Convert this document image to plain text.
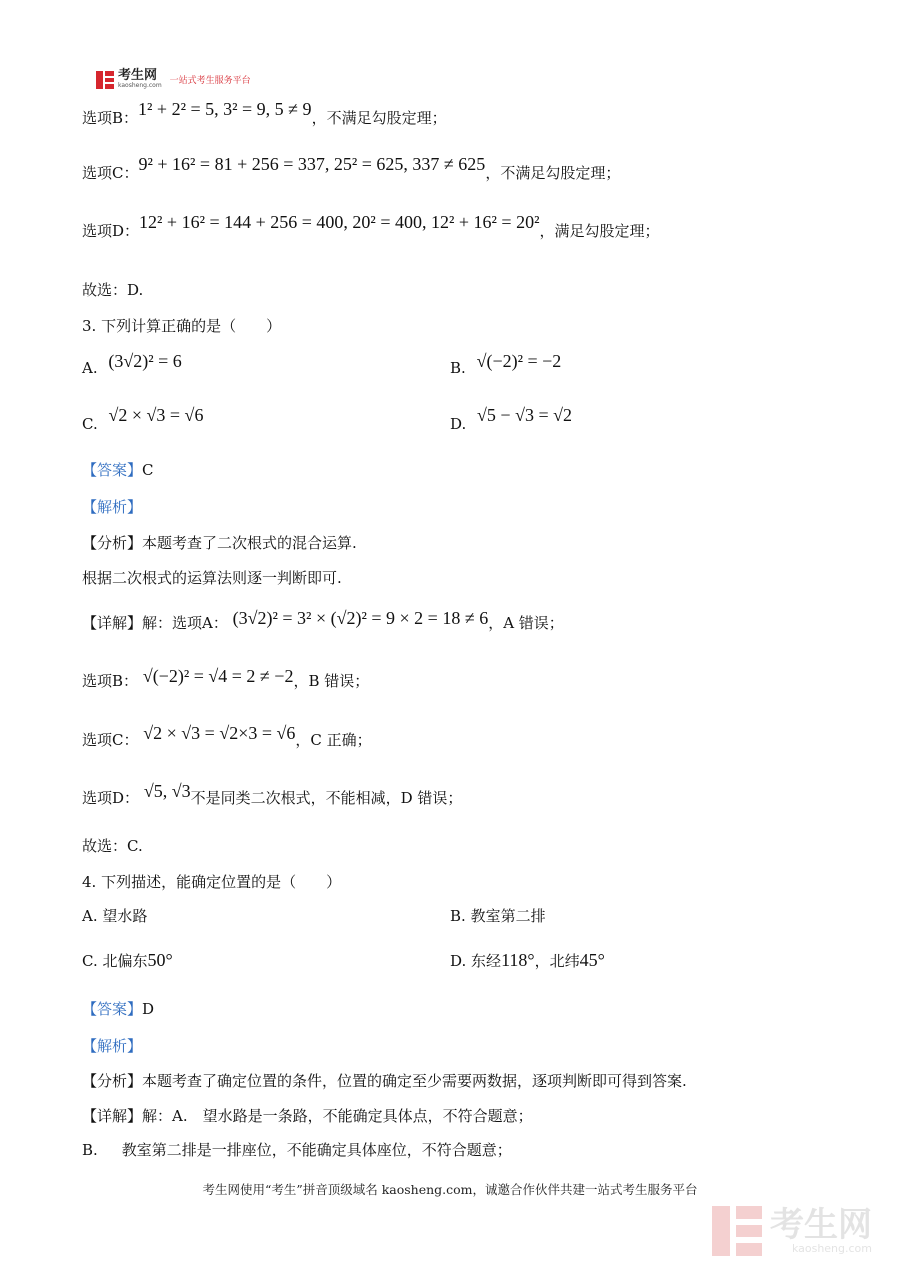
考生网
kaosheng.com 一站式考生服务平台
选项B：1² + 2² = 5, 3² = 9, 5 ≠ 9，不满足勾股定理；
选项C：9² + 16² = 81 + 256 = 337, 25² = 625, 337 ≠ 625，不满足勾股定理；
选项D：12² + 16² = 144 + 256 = 400, 20² = 400, 12² + 16² = 20²，满足勾股定理；
故选：D.
3. 下列计算正确的是（　　）
A. (3√2)² = 6	B. √(−2)² = −2
C. √2 × √3 = √6	D. √5 − √3 = √2
【答案】C
【解析】
【分析】本题考查了二次根式的混合运算.
根据二次根式的运算法则逐一判断即可.
【详解】解：选项A： (3√2)² = 3² × (√2)² = 9 × 2 = 18 ≠ 6，A 错误；
选项B： √(−2)² = √4 = 2 ≠ −2，B 错误；
选项C： √2 × √3 = √2×3 = √6，C 正确；
选项D： √5, √3不是同类二次根式，不能相减，D 错误；
故选：C.
4. 下列描述，能确定位置的是（　　）
A. 望水路	B. 教室第二排
C. 北偏东50°	D. 东经118°，北纬45°
【答案】D
【解析】
【分析】本题考查了确定位置的条件，位置的确定至少需要两数据，逐项判断即可得到答案.
【详解】解：A.　望水路是一条路，不能确定具体点，不符合题意；
B. 教室第二排是一排座位，不能确定具体座位，不符合题意；
考生网使用“考生”拼音顶级域名 kaosheng.com，诚邀合作伙伴共建一站式考生服务平台
考生网
kaosheng.com
